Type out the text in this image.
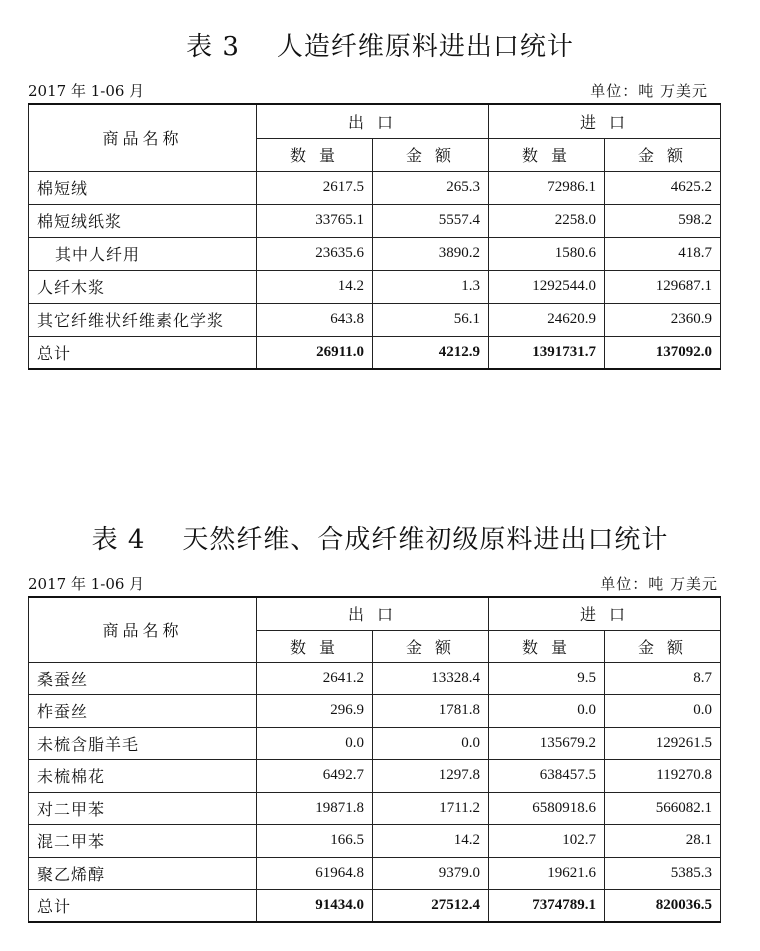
表 3    人造纤维原料进出口统计
2017 年 1-06 月	单位：吨 万美元
商品名称	出 口		进 口	
	数 量	金 额	数 量	金 额
棉短绒	2617.5	265.3	72986.1	4625.2
棉短绒纸浆	33765.1	5557.4	2258.0	598.2
其中人纤用	23635.6	3890.2	1580.6	418.7
人纤木浆	14.2	1.3	1292544.0	129687.1
其它纤维状纤维素化学浆	643.8	56.1	24620.9	2360.9
总计	26911.0	4212.9	1391731.7	137092.0
表 4    天然纤维、合成纤维初级原料进出口统计
2017 年 1-06 月	单位：吨 万美元
商品名称	出 口		进 口	
	数 量	金 额	数 量	金 额
桑蚕丝	2641.2	13328.4	9.5	8.7
柞蚕丝	296.9	1781.8	0.0	0.0
未梳含脂羊毛	0.0	0.0	135679.2	129261.5
未梳棉花	6492.7	1297.8	638457.5	119270.8
对二甲苯	19871.8	1711.2	6580918.6	566082.1
混二甲苯	166.5	14.2	102.7	28.1
聚乙烯醇	61964.8	9379.0	19621.6	5385.3
总计	91434.0	27512.4	7374789.1	820036.5
